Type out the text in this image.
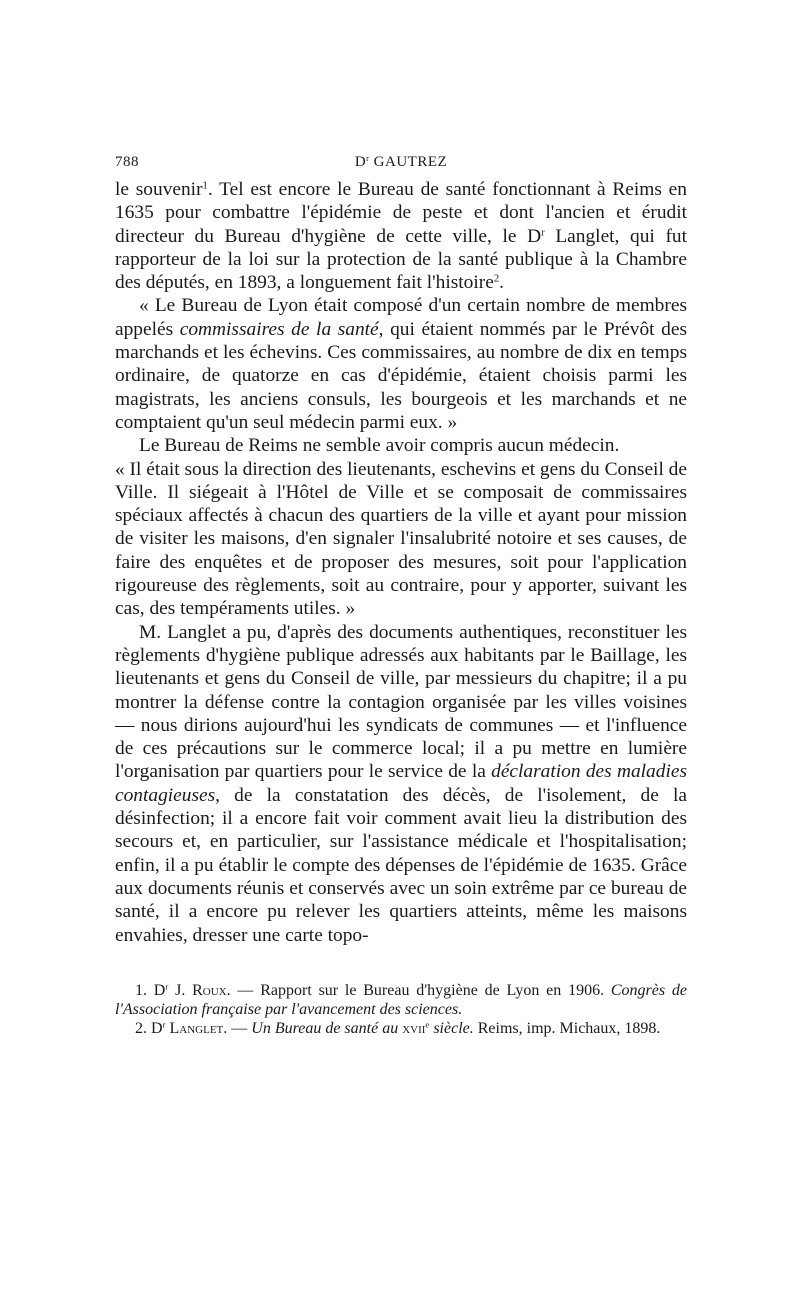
788	$D^r$ GAUTREZ

le souvenir$^1$. Tel est encore le Bureau de santé fonctionnant à Reims en 1635 pour combattre l'épidémie de peste et dont l'ancien et érudit directeur du Bureau d'hygiène de cette ville, le $D^r$ Langlet, qui fut rapporteur de la loi sur la protection de la santé publique à la Chambre des députés, en 1893, a longuement fait l'histoire$^2$.

« Le Bureau de Lyon était composé d'un certain nombre de membres appelés commissaires de la santé, qui étaient nommés par le Prévôt des marchands et les échevins. Ces commissaires, au nombre de dix en temps ordinaire, de quatorze en cas d'épidémie, étaient choisis parmi les magistrats, les anciens consuls, les bourgeois et les marchands et ne comptaient qu'un seul médecin parmi eux. »

Le Bureau de Reims ne semble avoir compris aucun médecin.

« Il était sous la direction des lieutenants, eschevins et gens du Conseil de Ville. Il siégeait à l'Hôtel de Ville et se composait de commissaires spéciaux affectés à chacun des quartiers de la ville et ayant pour mission de visiter les maisons, d'en signaler l'insalubrité notoire et ses causes, de faire des enquêtes et de proposer des mesures, soit pour l'application rigoureuse des règlements, soit au contraire, pour y apporter, suivant les cas, des tempéraments utiles. »

M. Langlet a pu, d'après des documents authentiques, reconstituer les règlements d'hygiène publique adressés aux habitants par le Baillage, les lieutenants et gens du Conseil de ville, par messieurs du chapitre; il a pu montrer la défense contre la contagion organisée par les villes voisines — nous dirions aujourd'hui les syndicats de communes — et l'influence de ces précautions sur le commerce local; il a pu mettre en lumière l'organisation par quartiers pour le service de la déclaration des maladies contagieuses, de la constatation des décès, de l'isolement, de la désinfection; il a encore fait voir comment avait lieu la distribution des secours et, en particulier, sur l'assistance médicale et l'hospitalisation; enfin, il a pu établir le compte des dépenses de l'épidémie de 1635. Grâce aux documents réunis et conservés avec un soin extrême par ce bureau de santé, il a encore pu relever les quartiers atteints, même les maisons envahies, dresser une carte topo-

1. $D^r$ J. Roux. — Rapport sur le Bureau d'hygiène de Lyon en 1906. Congrès de l'Association française par l'avancement des sciences.

2. $D^r$ Langlet. — Un Bureau de santé au xvii$^e$ siècle. Reims, imp. Michaux, 1898.
